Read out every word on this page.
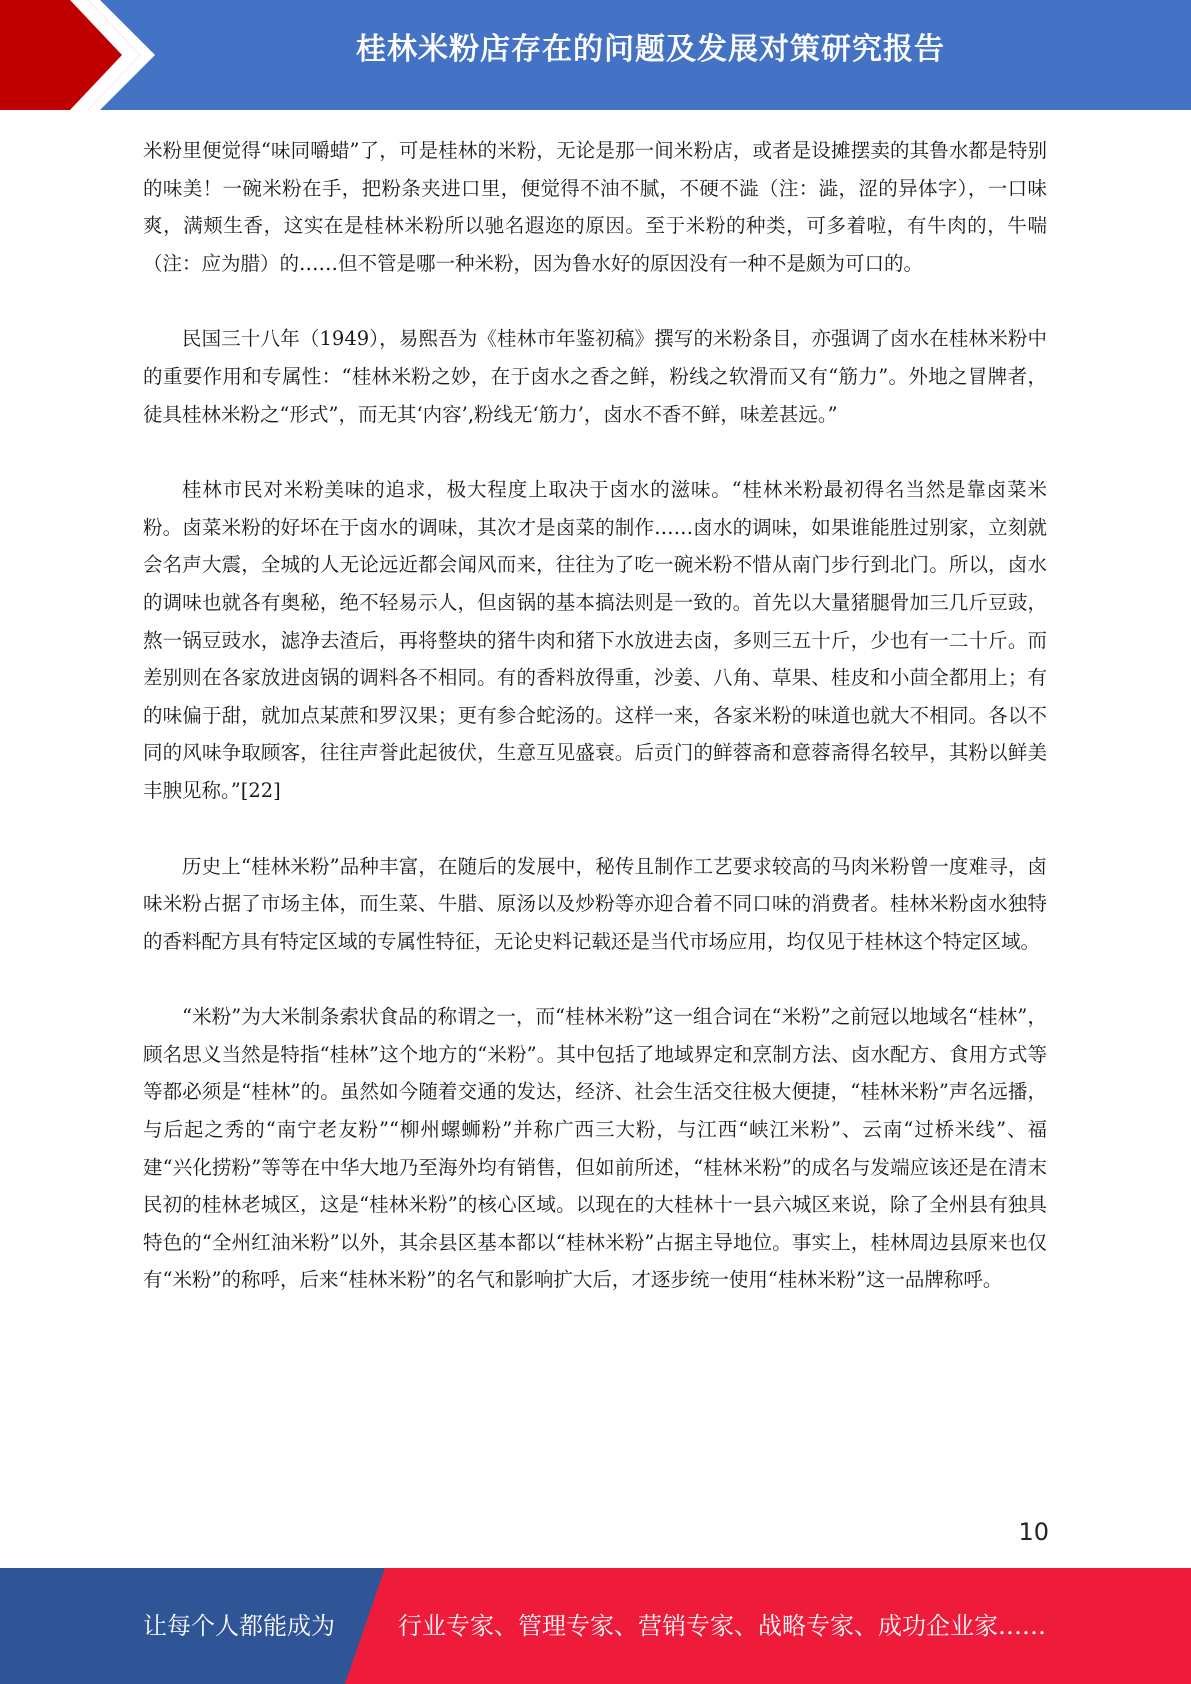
桂林米粉店存在的问题及发展对策研究报告

米粉里便觉得“味同嚼蜡”了，可是桂林的米粉，无论是那一间米粉店，或者是设摊摆卖的其鲁水都是特别的味美！一碗米粉在手，把粉条夹进口里，便觉得不油不腻，不硬不澁（注：澁，涩的异体字），一口味爽，满颊生香，这实在是桂林米粉所以驰名遐迩的原因。至于米粉的种类，可多着啦，有牛肉的，牛喘（注：应为腊）的……但不管是哪一种米粉，因为鲁水好的原因没有一种不是颇为可口的。

民国三十八年（1949），易熙吾为《桂林市年鉴初稿》撰写的米粉条目，亦强调了卤水在桂林米粉中的重要作用和专属性：“桂林米粉之妙，在于卤水之香之鲜，粉线之软滑而又有“筋力”。外地之冒牌者，徒具桂林米粉之“形式”，而无其‘内容’,粉线无‘筋力’，卤水不香不鲜，味差甚远。”

桂林市民对米粉美味的追求，极大程度上取决于卤水的滋味。“桂林米粉最初得名当然是靠卤菜米粉。卤菜米粉的好坏在于卤水的调味，其次才是卤菜的制作……卤水的调味，如果谁能胜过别家，立刻就会名声大震，全城的人无论远近都会闻风而来，往往为了吃一碗米粉不惜从南门步行到北门。所以，卤水的调味也就各有奥秘，绝不轻易示人，但卤锅的基本搞法则是一致的。首先以大量猪腿骨加三几斤豆豉，熬一锅豆豉水，滤净去渣后，再将整块的猪牛肉和猪下水放进去卤，多则三五十斤，少也有一二十斤。而差别则在各家放进卤锅的调料各不相同。有的香料放得重，沙姜、八角、草果、桂皮和小茴全都用上；有的味偏于甜，就加点某蔗和罗汉果；更有参合蛇汤的。这样一来，各家米粉的味道也就大不相同。各以不同的风味争取顾客，往往声誉此起彼伏，生意互见盛衰。后贡门的鲜蓉斋和意蓉斋得名较早，其粉以鲜美丰腴见称。”[22]

历史上“桂林米粉”品种丰富，在随后的发展中，秘传且制作工艺要求较高的马肉米粉曾一度难寻，卤味米粉占据了市场主体，而生菜、牛腊、原汤以及炒粉等亦迎合着不同口味的消费者。桂林米粉卤水独特的香料配方具有特定区域的专属性特征，无论史料记载还是当代市场应用，均仅见于桂林这个特定区域。

“米粉”为大米制条索状食品的称谓之一，而“桂林米粉”这一组合词在“米粉”之前冠以地域名“桂林”，顾名思义当然是特指“桂林”这个地方的“米粉”。其中包括了地域界定和烹制方法、卤水配方、食用方式等等都必须是“桂林”的。虽然如今随着交通的发达，经济、社会生活交往极大便捷，“桂林米粉”声名远播，与后起之秀的“南宁老友粉”“柳州螺蛳粉”并称广西三大粉，与江西“峡江米粉”、云南“过桥米线”、福建“兴化捞粉”等等在中华大地乃至海外均有销售，但如前所述，“桂林米粉”的成名与发端应该还是在清末民初的桂林老城区，这是“桂林米粉”的核心区域。以现在的大桂林十一县六城区来说，除了全州县有独具特色的“全州红油米粉”以外，其余县区基本都以“桂林米粉”占据主导地位。事实上，桂林周边县原来也仅有“米粉”的称呼，后来“桂林米粉”的名气和影响扩大后，才逐步统一使用“桂林米粉”这一品牌称呼。

10
让每个人都能成为	行业专家、管理专家、营销专家、战略专家、成功企业家……
